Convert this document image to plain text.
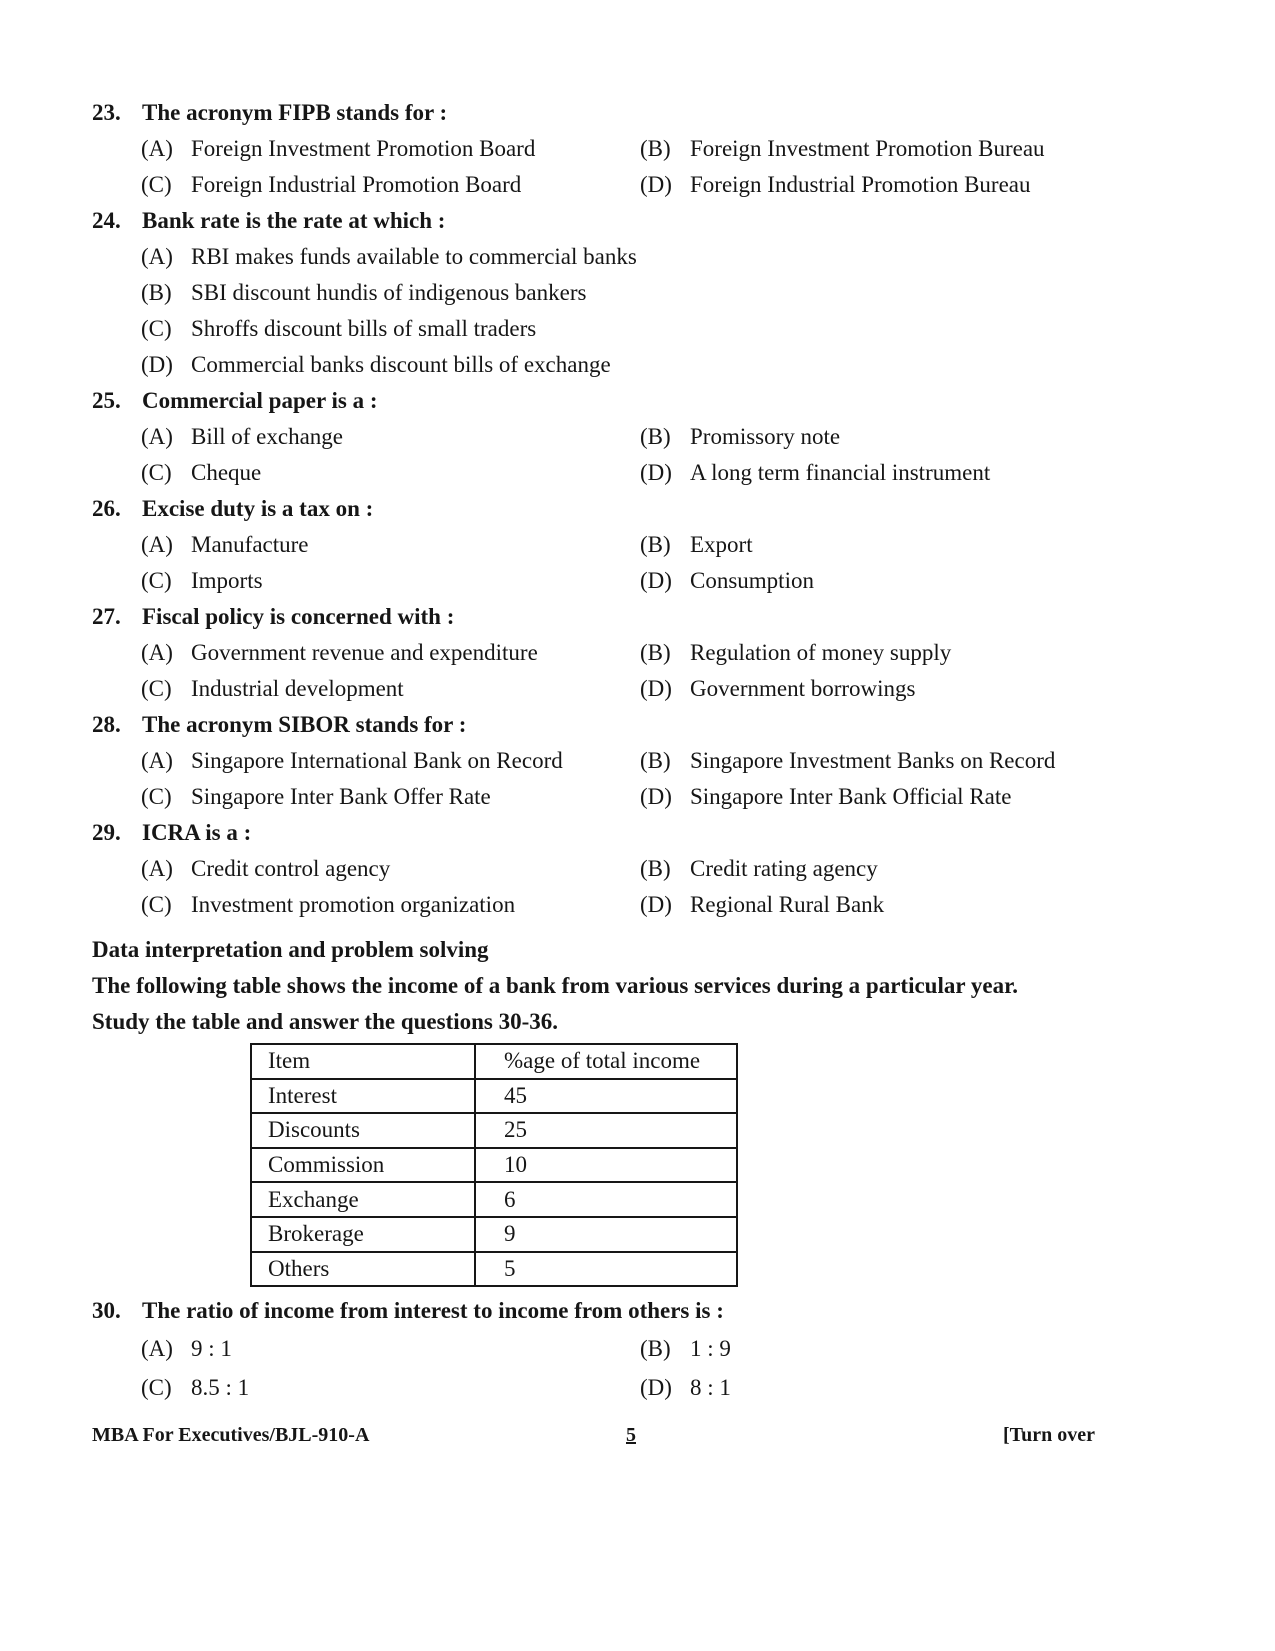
23. The acronym FIPB stands for :
(A) Foreign Investment Promotion Board	(B) Foreign Investment Promotion Bureau
(C) Foreign Industrial Promotion Board	(D) Foreign Industrial Promotion Bureau
24. Bank rate is the rate at which :
(A) RBI makes funds available to commercial banks
(B) SBI discount hundis of indigenous bankers
(C) Shroffs discount bills of small traders
(D) Commercial banks discount bills of exchange
25. Commercial paper is a :
(A) Bill of exchange	(B) Promissory note
(C) Cheque	(D) A long term financial instrument
26. Excise duty is a tax on :
(A) Manufacture	(B) Export
(C) Imports	(D) Consumption
27. Fiscal policy is concerned with :
(A) Government revenue and expenditure	(B) Regulation of money supply
(C) Industrial development	(D) Government borrowings
28. The acronym SIBOR stands for :
(A) Singapore International Bank on Record	(B) Singapore Investment Banks on Record
(C) Singapore Inter Bank Offer Rate	(D) Singapore Inter Bank Official Rate
29. ICRA is a :
(A) Credit control agency	(B) Credit rating agency
(C) Investment promotion organization	(D) Regional Rural Bank
Data interpretation and problem solving
The following table shows the income of a bank from various services during a particular year.
Study the table and answer the questions 30-36.
Item	%age of total income
Interest	45
Discounts	25
Commission	10
Exchange	6
Brokerage	9
Others	5
30. The ratio of income from interest to income from others is :
(A) 9 : 1	(B) 1 : 9
(C) 8.5 : 1	(D) 8 : 1
MBA For Executives/BJL-910-A	5	[Turn over
